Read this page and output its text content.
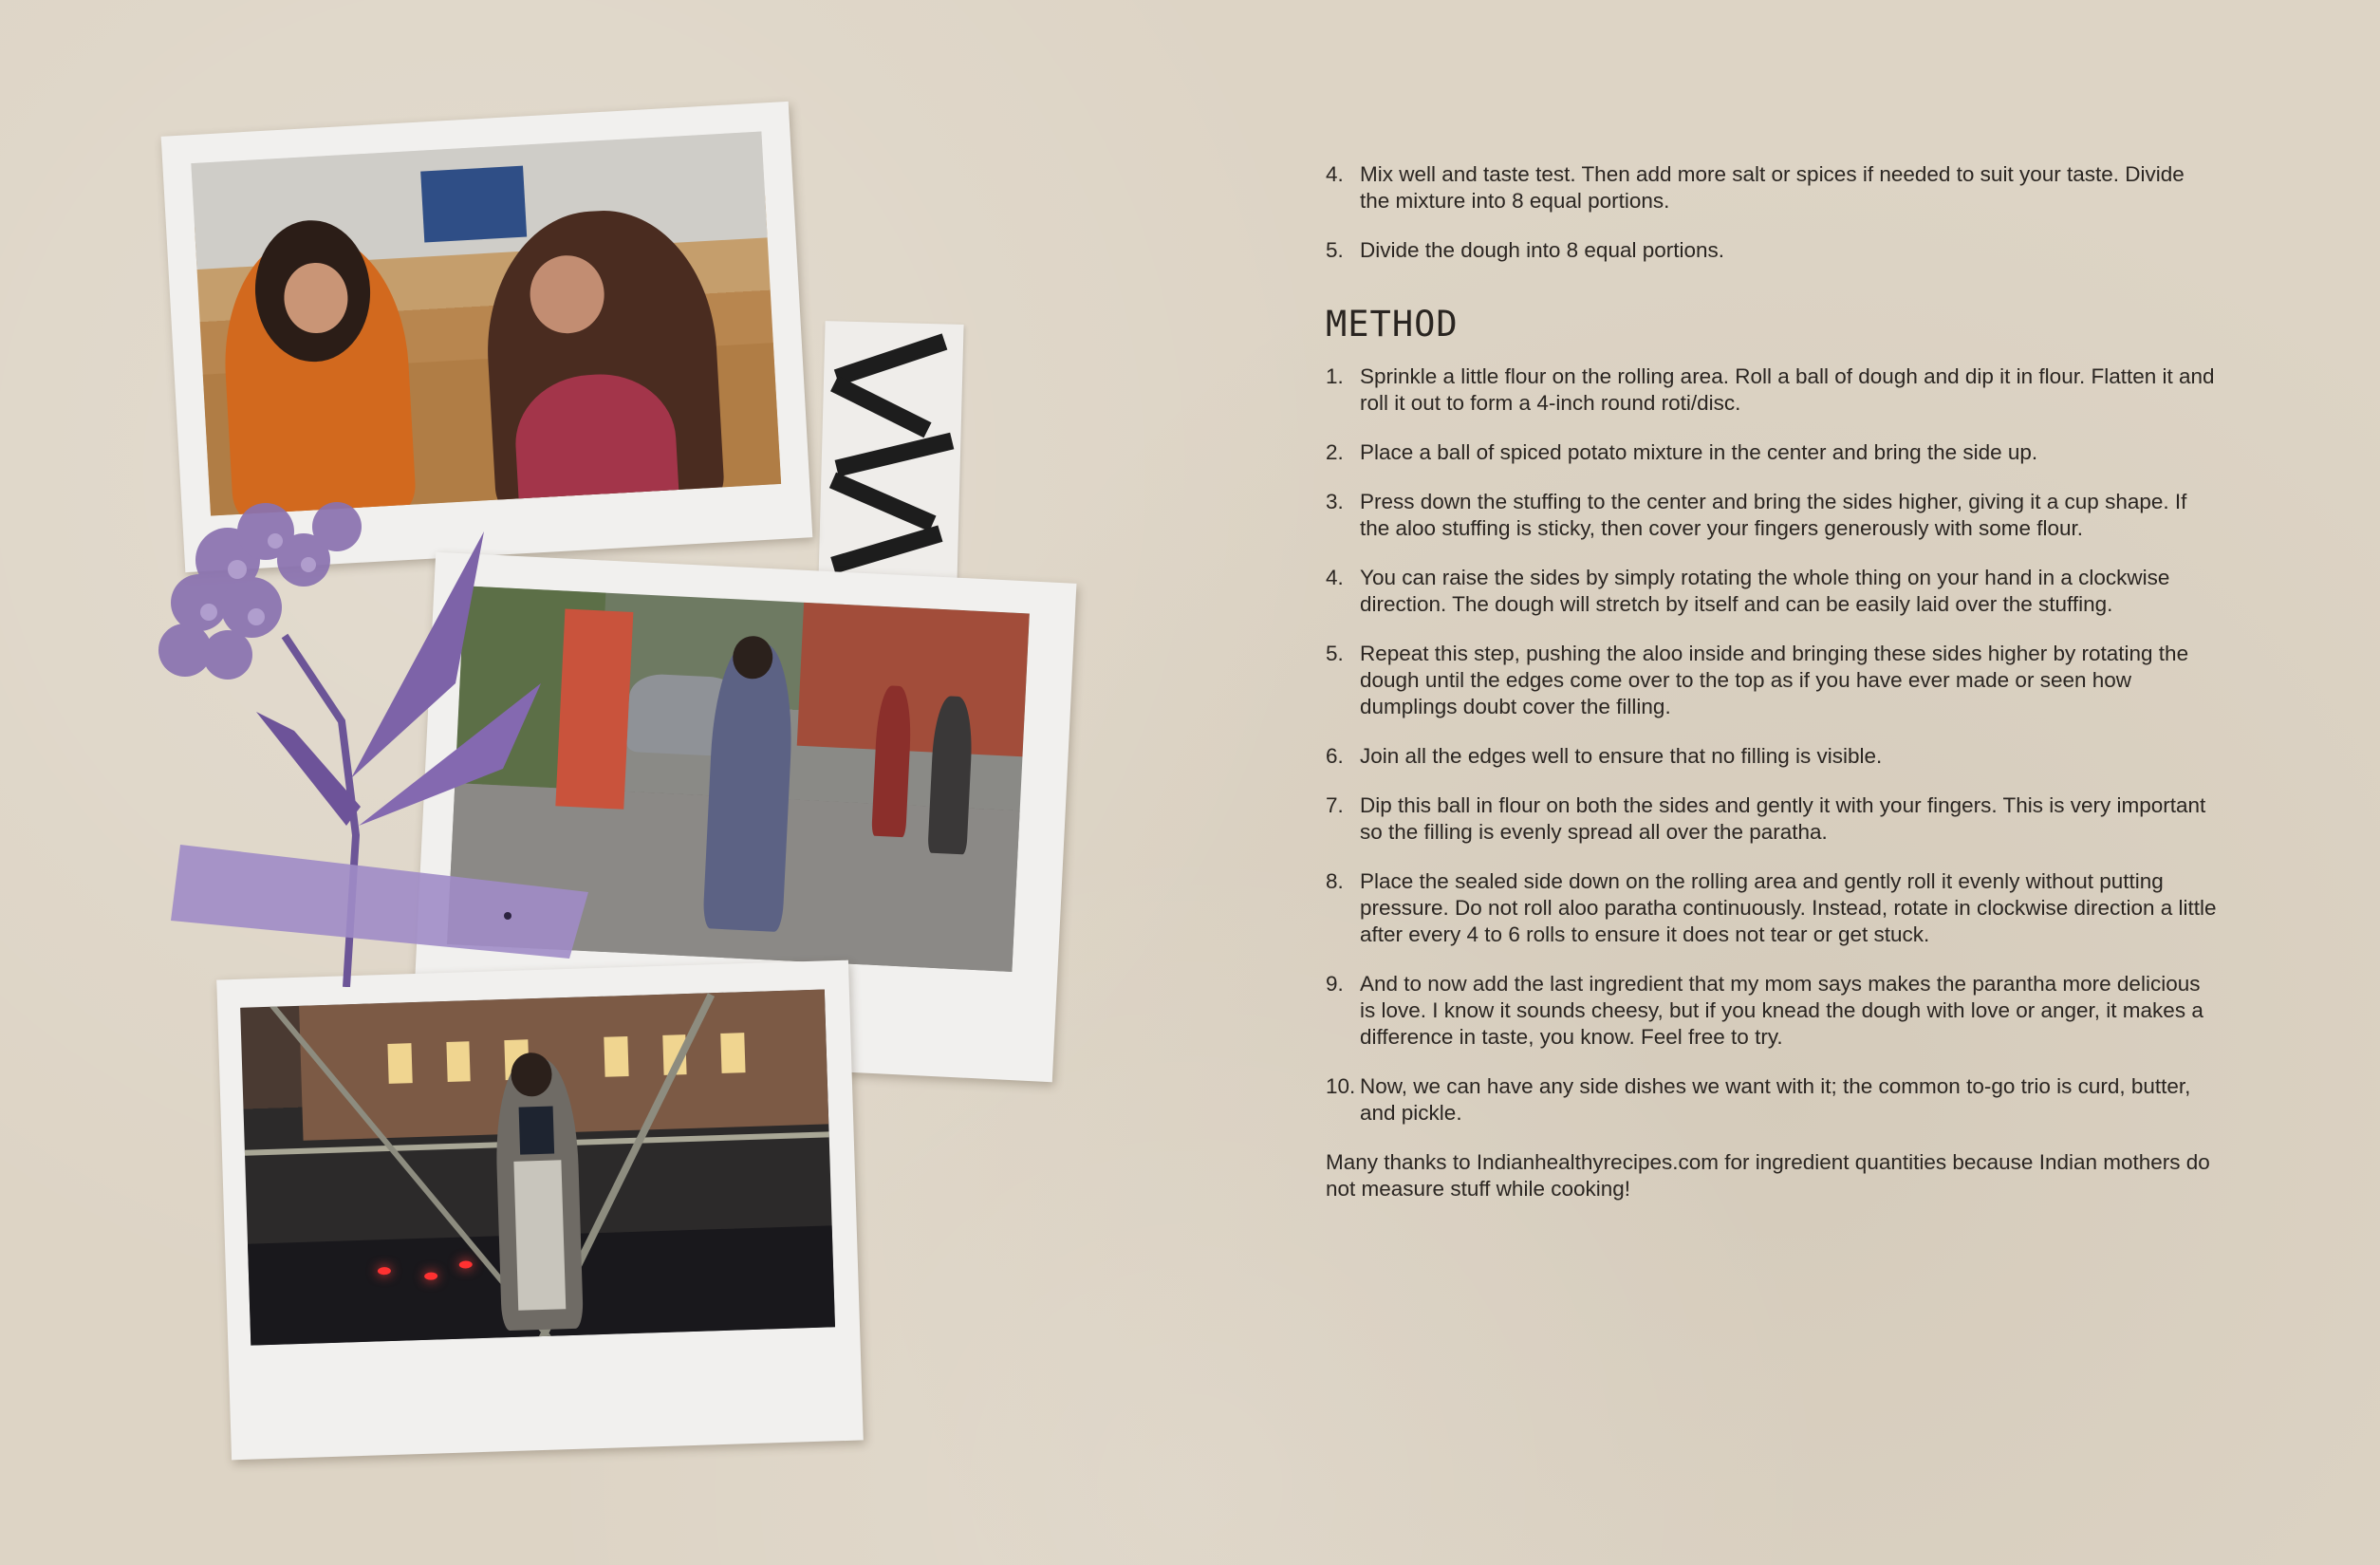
4. Mix well and taste test. Then add more salt or spices if needed to suit your taste. Divide the mixture into 8 equal portions.
5. Divide the dough into 8 equal portions.
METHOD
1. Sprinkle a little flour on the rolling area. Roll a ball of dough and dip it in flour. Flatten it and roll it out to form a 4-inch round roti/disc.
2. Place a ball of spiced potato mixture in the center and bring the side up.
3. Press down the stuffing to the center and bring the sides higher, giving it a cup shape. If the aloo stuffing is sticky, then cover your fingers generously with some flour.
4. You can raise the sides by simply rotating the whole thing on your hand in a clockwise direction. The dough will stretch by itself and can be easily laid over the stuffing.
5. Repeat this step, pushing the aloo inside and bringing these sides higher by rotating the dough until the edges come over to the top as if you have ever made or seen how dumplings doubt cover the filling.
6. Join all the edges well to ensure that no filling is visible.
7. Dip this ball in flour on both the sides and gently it with your fingers. This is very important so the filling is evenly spread all over the paratha.
8. Place the sealed side down on the rolling area and gently roll it evenly without putting pressure. Do not roll aloo paratha continuously. Instead, rotate in clockwise direction a little after every 4 to 6 rolls to ensure it does not tear or get stuck.
9. And to now add the last ingredient that my mom says makes the parantha more delicious is love. I know it sounds cheesy, but if you knead the dough with love or anger, it makes a difference in taste, you know. Feel free to try.
10. Now, we can have any side dishes we want with it; the common to-go trio is curd, butter, and pickle.

Many thanks to Indianhealthyrecipes.com for ingredient quantities because Indian mothers do not measure stuff while cooking!
